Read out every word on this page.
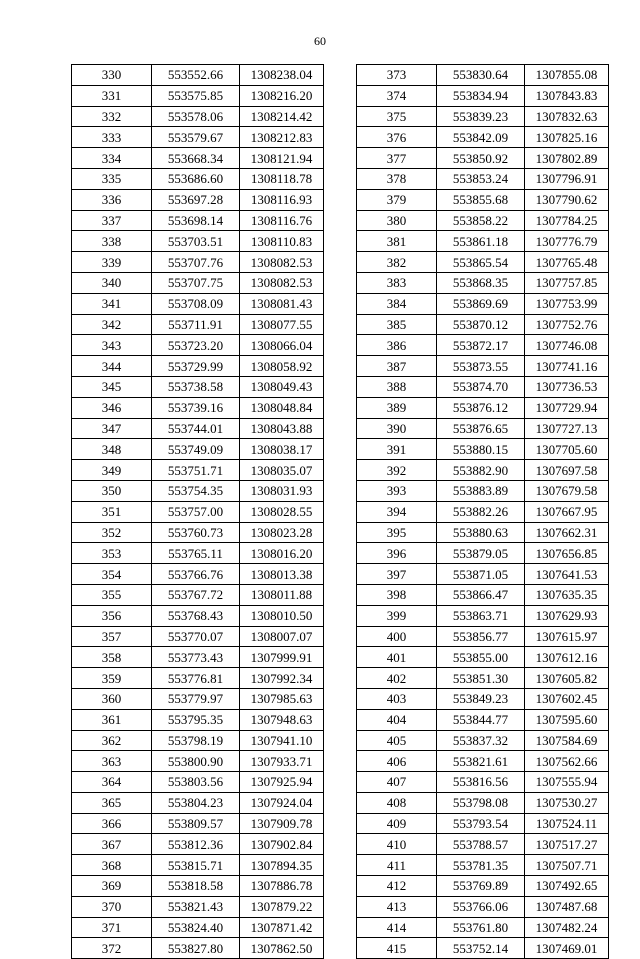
60
330	553552.66	1308238.04
331	553575.85	1308216.20
332	553578.06	1308214.42
333	553579.67	1308212.83
334	553668.34	1308121.94
335	553686.60	1308118.78
336	553697.28	1308116.93
337	553698.14	1308116.76
338	553703.51	1308110.83
339	553707.76	1308082.53
340	553707.75	1308082.53
341	553708.09	1308081.43
342	553711.91	1308077.55
343	553723.20	1308066.04
344	553729.99	1308058.92
345	553738.58	1308049.43
346	553739.16	1308048.84
347	553744.01	1308043.88
348	553749.09	1308038.17
349	553751.71	1308035.07
350	553754.35	1308031.93
351	553757.00	1308028.55
352	553760.73	1308023.28
353	553765.11	1308016.20
354	553766.76	1308013.38
355	553767.72	1308011.88
356	553768.43	1308010.50
357	553770.07	1308007.07
358	553773.43	1307999.91
359	553776.81	1307992.34
360	553779.97	1307985.63
361	553795.35	1307948.63
362	553798.19	1307941.10
363	553800.90	1307933.71
364	553803.56	1307925.94
365	553804.23	1307924.04
366	553809.57	1307909.78
367	553812.36	1307902.84
368	553815.71	1307894.35
369	553818.58	1307886.78
370	553821.43	1307879.22
371	553824.40	1307871.42
372	553827.80	1307862.50
373	553830.64	1307855.08
374	553834.94	1307843.83
375	553839.23	1307832.63
376	553842.09	1307825.16
377	553850.92	1307802.89
378	553853.24	1307796.91
379	553855.68	1307790.62
380	553858.22	1307784.25
381	553861.18	1307776.79
382	553865.54	1307765.48
383	553868.35	1307757.85
384	553869.69	1307753.99
385	553870.12	1307752.76
386	553872.17	1307746.08
387	553873.55	1307741.16
388	553874.70	1307736.53
389	553876.12	1307729.94
390	553876.65	1307727.13
391	553880.15	1307705.60
392	553882.90	1307697.58
393	553883.89	1307679.58
394	553882.26	1307667.95
395	553880.63	1307662.31
396	553879.05	1307656.85
397	553871.05	1307641.53
398	553866.47	1307635.35
399	553863.71	1307629.93
400	553856.77	1307615.97
401	553855.00	1307612.16
402	553851.30	1307605.82
403	553849.23	1307602.45
404	553844.77	1307595.60
405	553837.32	1307584.69
406	553821.61	1307562.66
407	553816.56	1307555.94
408	553798.08	1307530.27
409	553793.54	1307524.11
410	553788.57	1307517.27
411	553781.35	1307507.71
412	553769.89	1307492.65
413	553766.06	1307487.68
414	553761.80	1307482.24
415	553752.14	1307469.01
